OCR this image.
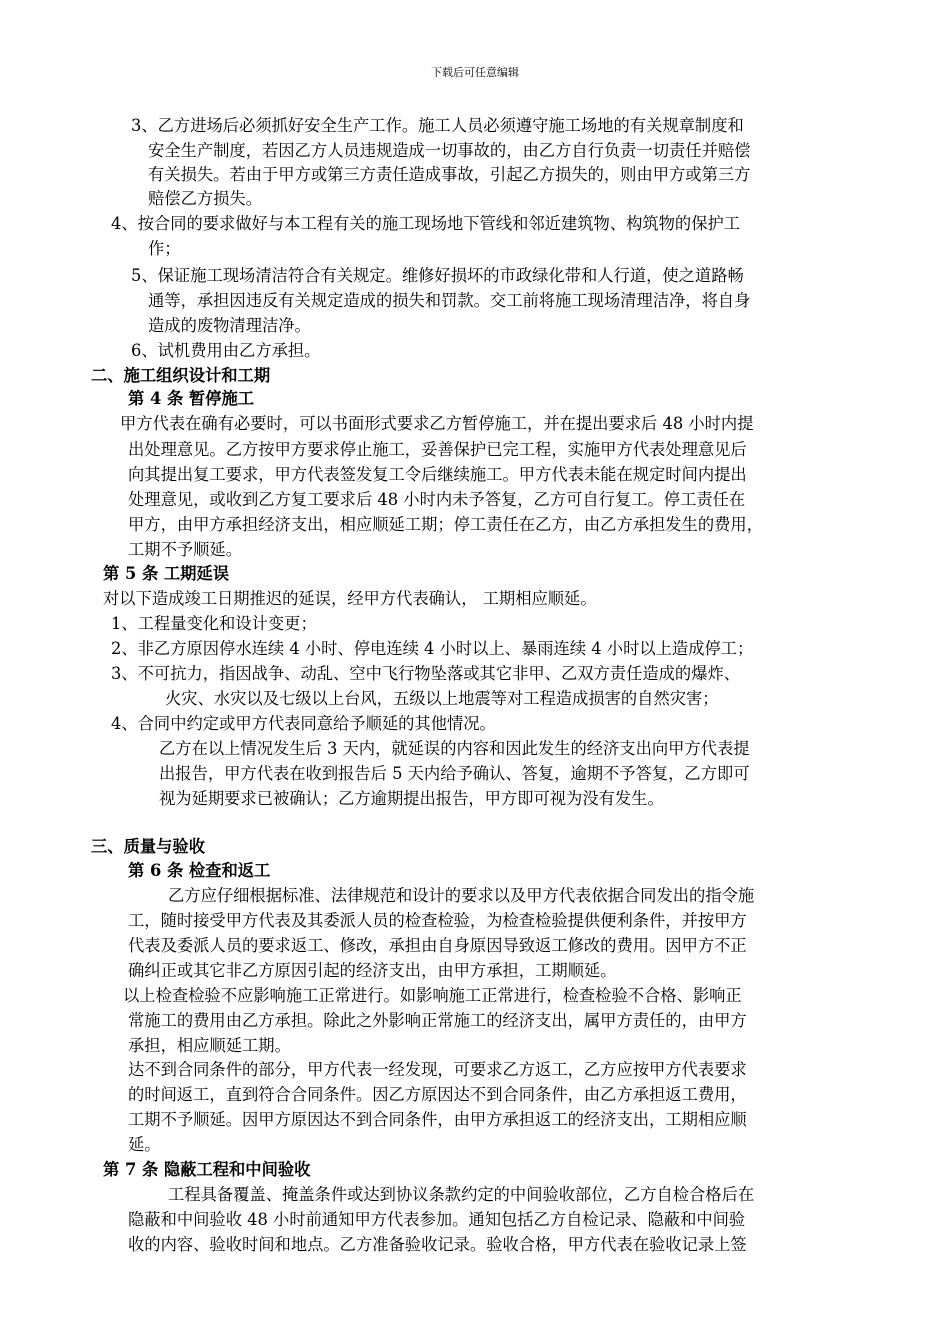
下载后可任意编辑
3、乙方进场后必须抓好安全生产工作。施工人员必须遵守施工场地的有关规章制度和
安全生产制度，若因乙方人员违规造成一切事故的，由乙方自行负责一切责任并赔偿
有关损失。若由于甲方或第三方责任造成事故，引起乙方损失的，则由甲方或第三方
赔偿乙方损失。
4、按合同的要求做好与本工程有关的施工现场地下管线和邻近建筑物、构筑物的保护工
作；
5、保证施工现场清洁符合有关规定。维修好损坏的市政绿化带和人行道，使之道路畅
通等，承担因违反有关规定造成的损失和罚款。交工前将施工现场清理洁净，将自身
造成的废物清理洁净。
6、试机费用由乙方承担。
二、施工组织设计和工期
第 4 条 暂停施工
甲方代表在确有必要时，可以书面形式要求乙方暂停施工，并在提出要求后 48 小时内提
出处理意见。乙方按甲方要求停止施工，妥善保护已完工程，实施甲方代表处理意见后
向其提出复工要求，甲方代表签发复工令后继续施工。甲方代表未能在规定时间内提出
处理意见，或收到乙方复工要求后 48 小时内未予答复，乙方可自行复工。停工责任在
甲方，由甲方承担经济支出，相应顺延工期；停工责任在乙方，由乙方承担发生的费用，
工期不予顺延。
第 5 条 工期延误
对以下造成竣工日期推迟的延误，经甲方代表确认， 工期相应顺延。
1、工程量变化和设计变更；
2、非乙方原因停水连续 4 小时、停电连续 4 小时以上、暴雨连续 4 小时以上造成停工；
3、不可抗力，指因战争、动乱、空中飞行物坠落或其它非甲、乙双方责任造成的爆炸、
火灾、水灾以及七级以上台风，五级以上地震等对工程造成损害的自然灾害；
4、合同中约定或甲方代表同意给予顺延的其他情况。
乙方在以上情况发生后 3 天内，就延误的内容和因此发生的经济支出向甲方代表提
出报告，甲方代表在收到报告后 5 天内给予确认、答复，逾期不予答复，乙方即可
视为延期要求已被确认；乙方逾期提出报告，甲方即可视为没有发生。
三、质量与验收
第 6 条 检查和返工
乙方应仔细根据标准、法律规范和设计的要求以及甲方代表依据合同发出的指令施
工，随时接受甲方代表及其委派人员的检查检验，为检查检验提供便利条件，并按甲方
代表及委派人员的要求返工、修改，承担由自身原因导致返工修改的费用。因甲方不正
确纠正或其它非乙方原因引起的经济支出，由甲方承担，工期顺延。
以上检查检验不应影响施工正常进行。如影响施工正常进行，检查检验不合格、影响正
常施工的费用由乙方承担。除此之外影响正常施工的经济支出，属甲方责任的，由甲方
承担，相应顺延工期。
达不到合同条件的部分，甲方代表一经发现，可要求乙方返工，乙方应按甲方代表要求
的时间返工，直到符合合同条件。因乙方原因达不到合同条件，由乙方承担返工费用，
工期不予顺延。因甲方原因达不到合同条件，由甲方承担返工的经济支出，工期相应顺
延。
第 7 条 隐蔽工程和中间验收
工程具备覆盖、掩盖条件或达到协议条款约定的中间验收部位，乙方自检合格后在
隐蔽和中间验收 48 小时前通知甲方代表参加。通知包括乙方自检记录、隐蔽和中间验
收的内容、验收时间和地点。乙方准备验收记录。验收合格，甲方代表在验收记录上签
